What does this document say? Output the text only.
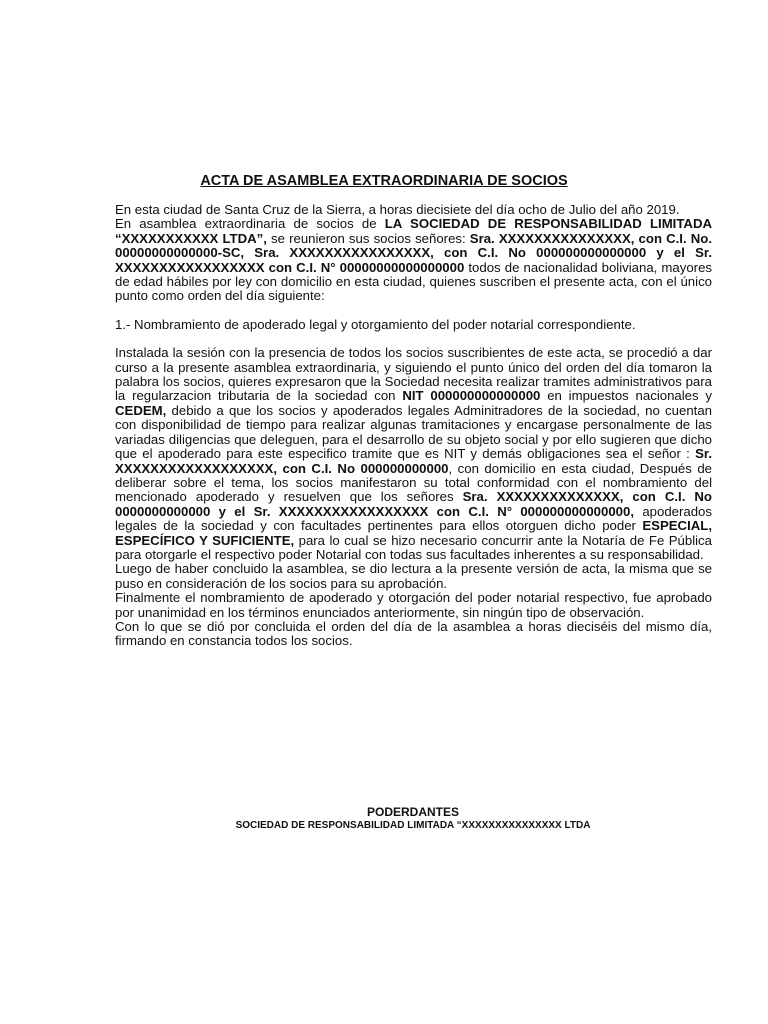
ACTA DE ASAMBLEA EXTRAORDINARIA DE SOCIOS

En esta ciudad de Santa Cruz de la Sierra, a horas diecisiete del día ocho de Julio del año 2019.

En asamblea extraordinaria de socios de LA SOCIEDAD DE RESPONSABILIDAD LIMITADA “XXXXXXXXXXX LTDA”, se reunieron sus socios señores: Sra. XXXXXXXXXXXXXXX, con C.I. No. 00000000000000-SC, Sra. XXXXXXXXXXXXXXXX, con C.I. No 000000000000000 y el Sr. XXXXXXXXXXXXXXXXX con C.I. N° 00000000000000000 todos de nacionalidad boliviana, mayores de edad hábiles por ley con domicilio en esta ciudad, quienes suscriben el presente acta, con el único punto como orden del día siguiente:

1.- Nombramiento de apoderado legal y otorgamiento del poder notarial correspondiente.

Instalada la sesión con la presencia de todos los socios suscribientes de este acta, se procedió a dar curso a la presente asamblea extraordinaria, y siguiendo el punto único del orden del día tomaron la palabra los socios, quieres expresaron que la Sociedad necesita realizar tramites administrativos para la regularzacion tributaria de la sociedad con NIT 000000000000000 en impuestos nacionales y CEDEM, debido a que los socios y apoderados legales Adminitradores de la sociedad, no cuentan con disponibilidad de tiempo para realizar algunas tramitaciones y encargase personalmente de las variadas diligencias que deleguen, para el desarrollo de su objeto social y por ello sugieren que dicho que el apoderado para este especifico tramite que es NIT y demás obligaciones sea el señor : Sr. XXXXXXXXXXXXXXXXXX, con C.I. No 000000000000, con domicilio en esta ciudad, Después de deliberar sobre el tema, los socios manifestaron su total conformidad con el nombramiento del mencionado apoderado y resuelven que los señores Sra. XXXXXXXXXXXXXX, con C.I. No 0000000000000 y el Sr. XXXXXXXXXXXXXXXXX con C.I. N° 000000000000000, apoderados legales de la sociedad y con facultades pertinentes para ellos otorguen dicho poder ESPECIAL, ESPECÍFICO Y SUFICIENTE, para lo cual se hizo necesario concurrir ante la Notaría de Fe Pública para otorgarle el respectivo poder Notarial con todas sus facultades inherentes a su responsabilidad.

Luego de haber concluido la asamblea, se dio lectura a la presente versión de acta, la misma que se puso en consideración de los socios para su aprobación.

Finalmente el nombramiento de apoderado y otorgación del poder notarial respectivo, fue aprobado por unanimidad en los términos enunciados anteriormente, sin ningún tipo de observación.

Con lo que se dió por concluida el orden del día de la asamblea a horas dieciséis del mismo día, firmando en constancia todos los socios.

PODERDANTES
SOCIEDAD DE RESPONSABILIDAD LIMITADA “XXXXXXXXXXXXXXX LTDA
